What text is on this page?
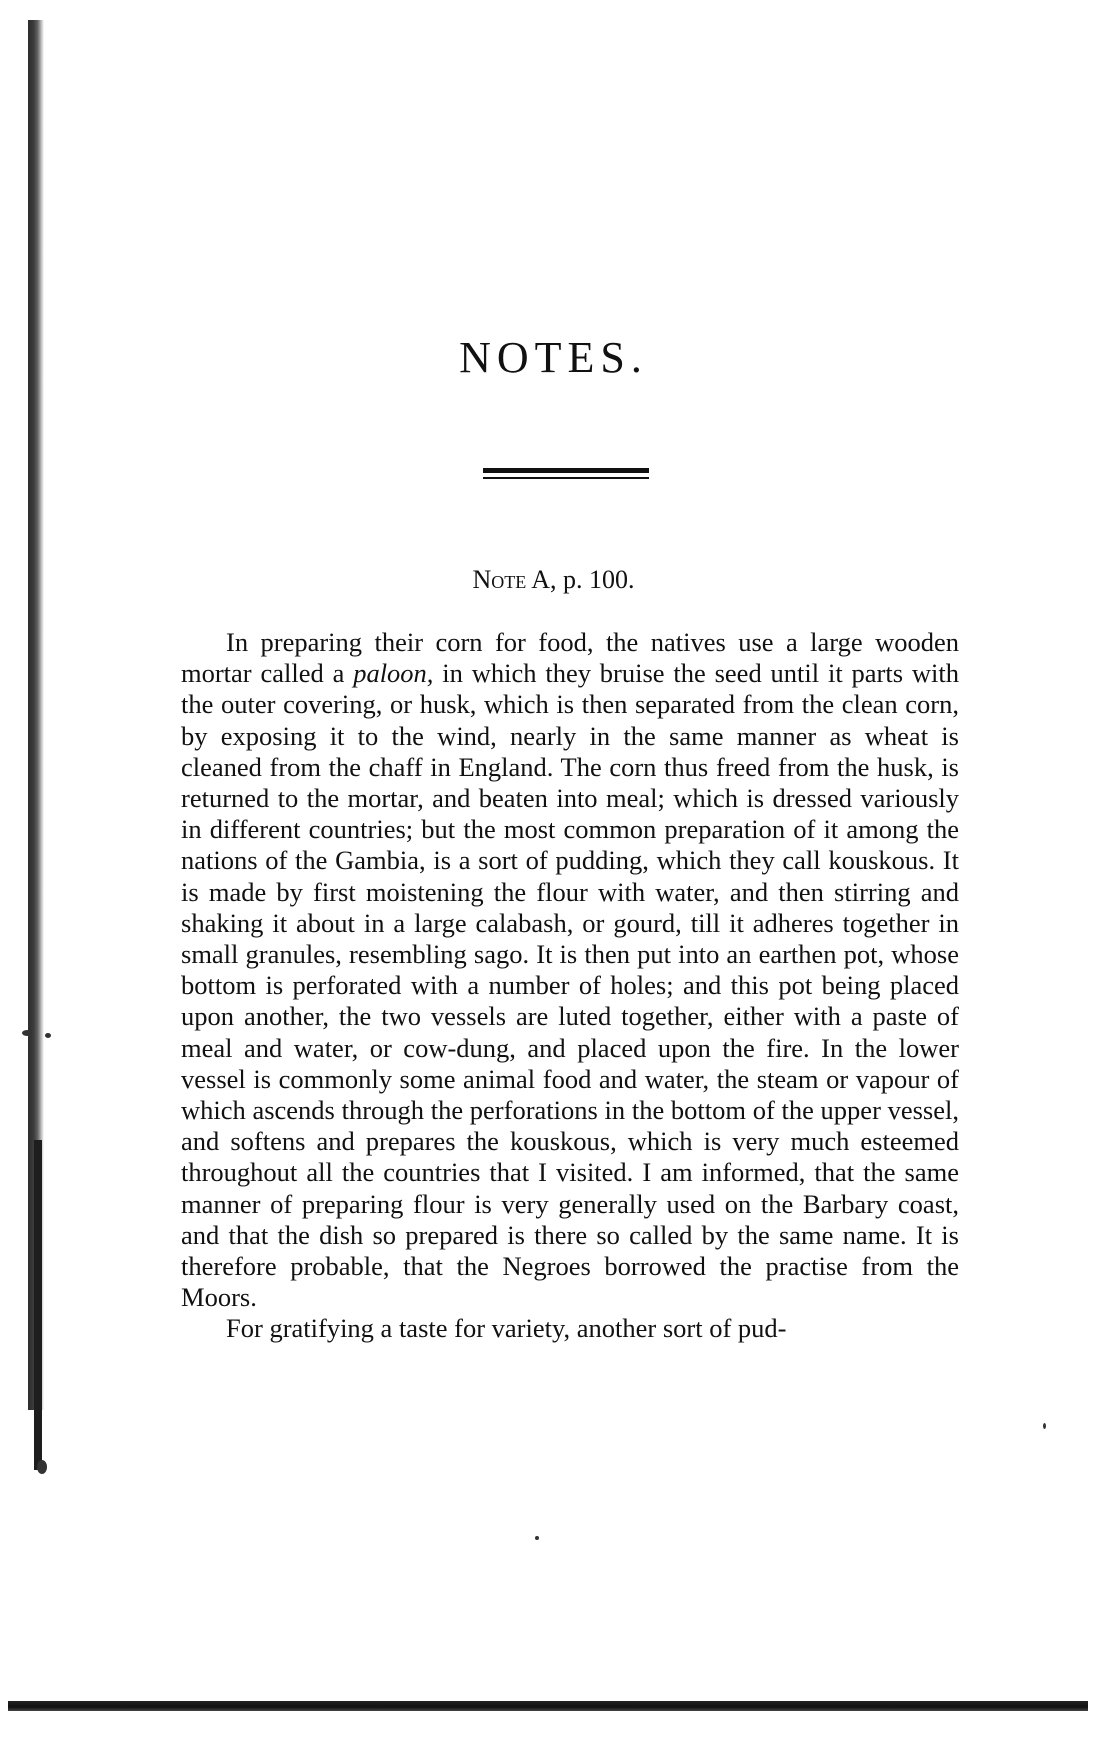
NOTES.
Note A, p. 100.

In preparing their corn for food, the natives use a large wooden mortar called a paloon, in which they bruise the seed until it parts with the outer covering, or husk, which is then separated from the clean corn, by exposing it to the wind, nearly in the same manner as wheat is cleaned from the chaff in England. The corn thus freed from the husk, is returned to the mortar, and beaten into meal; which is dressed variously in different countries; but the most common preparation of it among the nations of the Gambia, is a sort of pudding, which they call kouskous. It is made by first moistening the flour with water, and then stirring and shaking it about in a large calabash, or gourd, till it adheres together in small granules, resembling sago. It is then put into an earthen pot, whose bottom is perforated with a number of holes; and this pot being placed upon another, the two vessels are luted together, either with a paste of meal and water, or cow-dung, and placed upon the fire. In the lower vessel is commonly some animal food and water, the steam or vapour of which ascends through the perforations in the bottom of the upper vessel, and softens and prepares the kouskous, which is very much esteemed throughout all the countries that I visited. I am informed, that the same manner of preparing flour is very generally used on the Barbary coast, and that the dish so prepared is there so called by the same name. It is therefore probable, that the Negroes borrowed the practise from the Moors.

For gratifying a taste for variety, another sort of pud-
